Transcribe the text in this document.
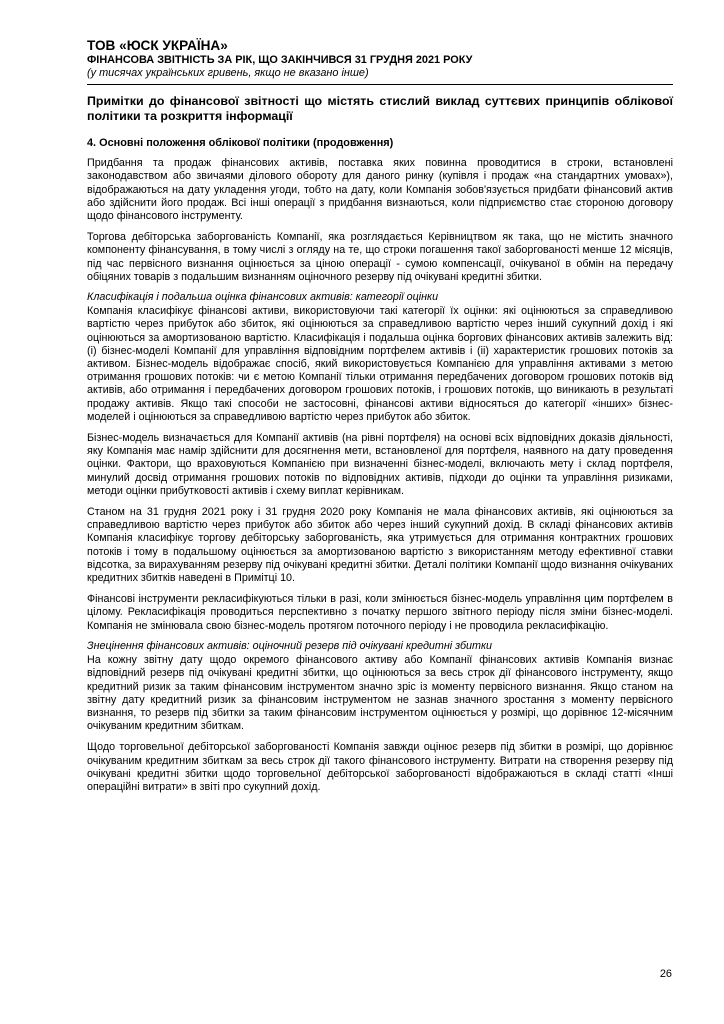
ТОВ «ЮСК УКРАЇНА»
ФІНАНСОВА ЗВІТНІСТЬ ЗА РІК, ЩО ЗАКІНЧИВСЯ 31 ГРУДНЯ 2021 РОКУ
(у тисячах українських гривень, якщо не вказано інше)
Примітки до фінансової звітності що містять стислий виклад суттєвих принципів облікової політики та розкриття інформації
4. Основні положення облікової політики (продовження)

Придбання та продаж фінансових активів, поставка яких повинна проводитися в строки, встановлені законодавством або звичаями ділового обороту для даного ринку (купівля і продаж «на стандартних умовах»), відображаються на дату укладення угоди, тобто на дату, коли Компанія зобов'язується придбати фінансовий актив або здійснити його продаж. Всі інші операції з придбання визнаються, коли підприємство стає стороною договору щодо фінансового інструменту.

Торгова дебіторська заборгованість Компанії, яка розглядається Керівництвом як така, що не містить значного компоненту фінансування, в тому числі з огляду на те, що строки погашення такої заборгованості менше 12 місяців, під час первісного визнання оцінюється за ціною операції - сумою компенсації, очікуваної в обмін на передачу обіцяних товарів з подальшим визнанням оціночного резерву під очікувані кредитні збитки.

Класифікація і подальша оцінка фінансових активів: категорії оцінки

Компанія класифікує фінансові активи, використовуючи такі категорії їх оцінки: які оцінюються за справедливою вартістю через прибуток або збиток, які оцінюються за справедливою вартістю через інший сукупний дохід і які оцінюються за амортизованою вартістю. Класифікація і подальша оцінка боргових фінансових активів залежить від: (i) бізнес-моделі Компанії для управління відповідним портфелем активів і (ii) характеристик грошових потоків за активом. Бізнес-модель відображає спосіб, який використовується Компанією для управління активами з метою отримання грошових потоків: чи є метою Компанії тільки отримання передбачених договором грошових потоків від активів, або отримання і передбачених договором грошових потоків, і грошових потоків, що виникають в результаті продажу активів. Якщо такі способи не застосовні, фінансові активи відносяться до категорії «інших» бізнес-моделей і оцінюються за справедливою вартістю через прибуток або збиток.

Бізнес-модель визначається для Компанії активів (на рівні портфеля) на основі всіх відповідних доказів діяльності, яку Компанія має намір здійснити для досягнення мети, встановленої для портфеля, наявного на дату проведення оцінки. Фактори, що враховуються Компанією при визначенні бізнес-моделі, включають мету і склад портфеля, минулий досвід отримання грошових потоків по відповідних активів, підходи до оцінки та управління ризиками, методи оцінки прибутковості активів і схему виплат керівникам.

Станом на 31 грудня 2021 року і 31 грудня 2020 року Компанія не мала фінансових активів, які оцінюються за справедливою вартістю через прибуток або збиток або через інший сукупний дохід. В складі фінансових активів Компанія класифікує торгову дебіторську заборгованість, яка утримується для отримання контрактних грошових потоків і тому в подальшому оцінюється за амортизованою вартістю з використанням методу ефективної ставки відсотка, за вирахуванням резерву під очікувані кредитні збитки. Деталі політики Компанії щодо визнання очікуваних кредитних збитків наведені в Примітці 10.

Фінансові інструменти рекласифікуються тільки в разі, коли змінюється бізнес-модель управління цим портфелем в цілому. Рекласифікація проводиться перспективно з початку першого звітного періоду після зміни бізнес-моделі. Компанія не змінювала свою бізнес-модель протягом поточного періоду і не проводила рекласифікацію.

Знецінення фінансових активів: оціночний резерв під очікувані кредитні збитки

На кожну звітну дату щодо окремого фінансового активу або Компанії фінансових активів Компанія визнає відповідний резерв під очікувані кредитні збитки, що оцінюються за весь строк дії фінансового інструменту, якщо кредитний ризик за таким фінансовим інструментом значно зріс із моменту первісного визнання. Якщо станом на звітну дату кредитний ризик за фінансовим інструментом не зазнав значного зростання з моменту первісного визнання, то резерв під збитки за таким фінансовим інструментом оцінюється у розмірі, що дорівнює 12-місячним очікуваним кредитним збиткам.

Щодо торговельної дебіторської заборгованості Компанія завжди оцінює резерв під збитки в розмірі, що дорівнює очікуваним кредитним збиткам за весь строк дії такого фінансового інструменту. Витрати на створення резерву під очікувані кредитні збитки щодо торговельної дебіторської заборгованості відображаються в складі статті «Інші операційні витрати» в звіті про сукупний дохід.

26
